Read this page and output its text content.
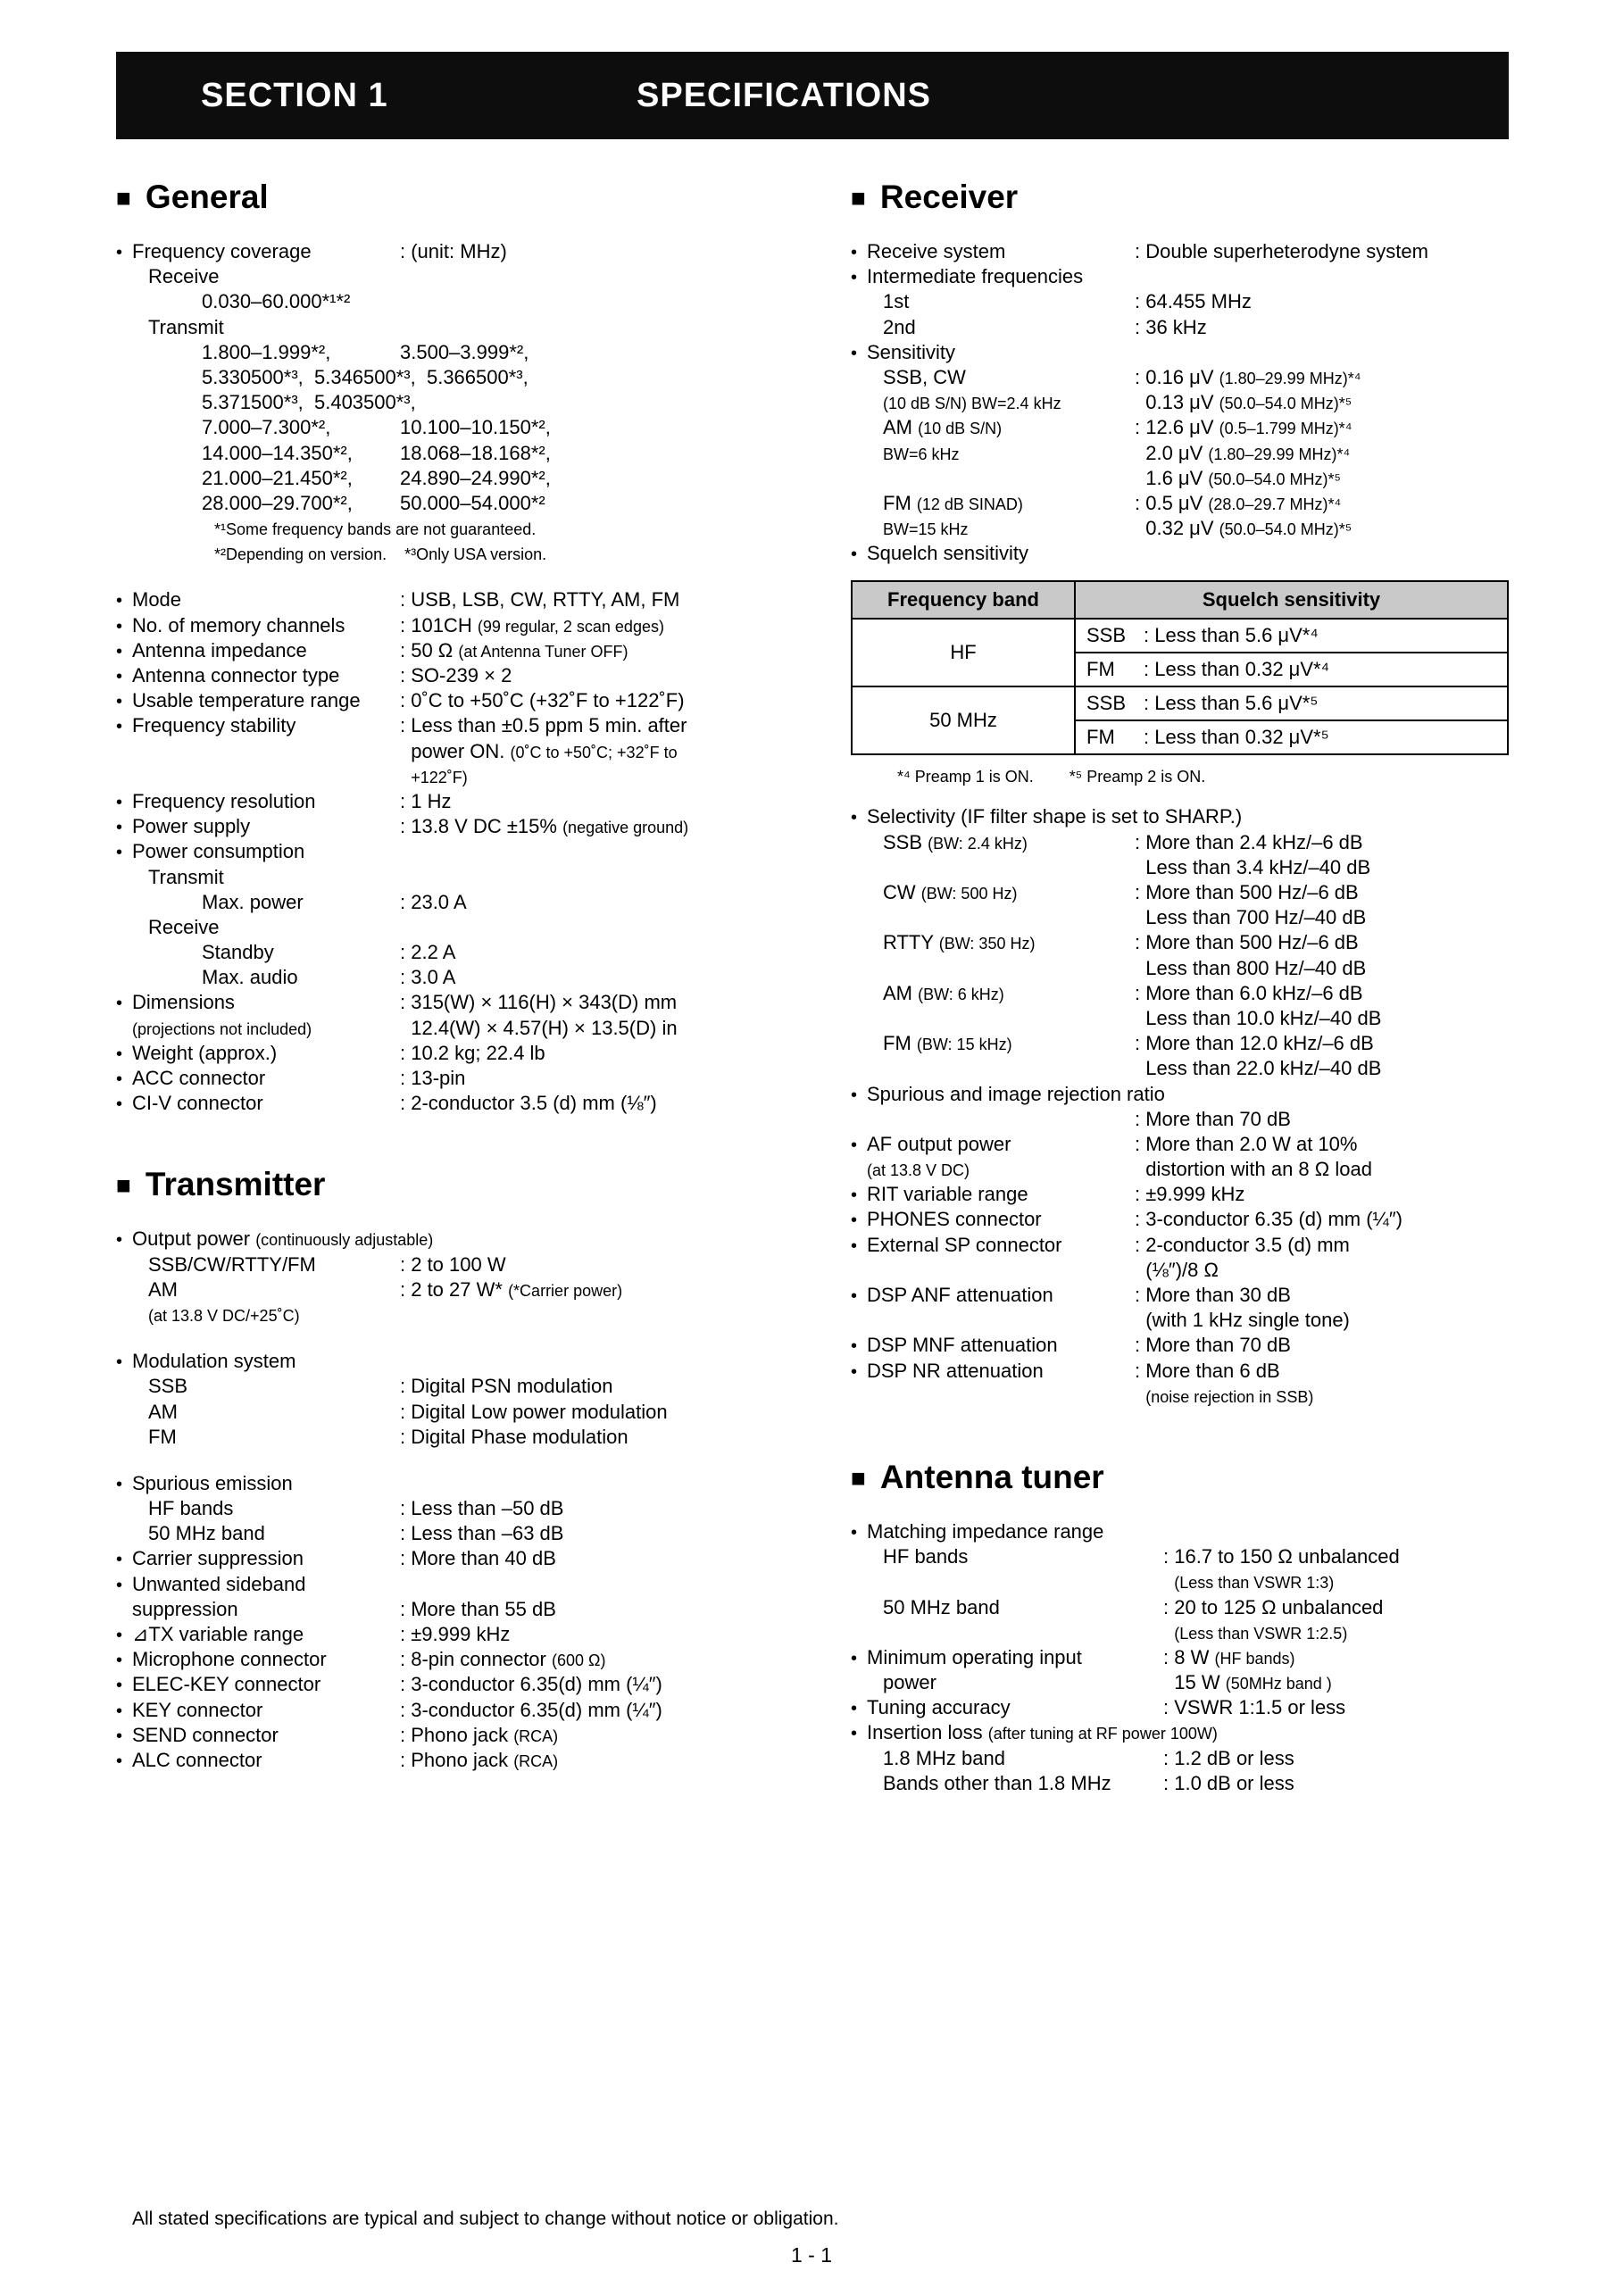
SECTION 1	SPECIFICATIONS
■ General
• Frequency coverage	: (unit: MHz)

Receive

0.030–60.000*¹*²

Transmit

1.800–1.999*²,	3.500–3.999*²,

5.330500*³,  5.346500*³,  5.366500*³,

5.371500*³,  5.403500*³,

7.000–7.300*²,	10.100–10.150*²,

14.000–14.350*²,	18.068–18.168*²,

21.000–21.450*²,	24.890–24.990*²,

28.000–29.700*²,	50.000–54.000*²

*¹Some frequency bands are not guaranteed.

*²Depending on version.    *³Only USA version.
• Mode	: USB, LSB, CW, RTTY, AM, FM
• No. of memory channels	: 101CH (99 regular, 2 scan edges)
• Antenna impedance	: 50 Ω (at Antenna Tuner OFF)
• Antenna connector type	: SO-239 × 2
• Usable temperature range	: 0˚C to +50˚C (+32˚F to +122˚F)
• Frequency stability	: Less than ±0.5 ppm 5 min. after

power ON. (0˚C to +50˚C; +32˚F to

+122˚F)
• Frequency resolution	: 1 Hz
• Power supply	: 13.8 V DC ±15% (negative ground)
• Power consumption

Transmit

Max. power	: 23.0 A

Receive

Standby	: 2.2 A

Max. audio	: 3.0 A
• Dimensions	: 315(W) × 116(H) × 343(D) mm

(projections not included)	12.4(W) × 4.57(H) × 13.5(D) in
• Weight (approx.)	: 10.2 kg; 22.4 lb
• ACC connector	: 13-pin
• CI-V connector	: 2-conductor 3.5 (d) mm (⅛″)
■ Transmitter
• Output power (continuously adjustable)

SSB/CW/RTTY/FM	: 2 to 100 W

AM	: 2 to 27 W* (*Carrier power)

(at 13.8 V DC/+25˚C)
• Modulation system

SSB	: Digital PSN modulation

AM	: Digital Low power modulation

FM	: Digital Phase modulation
• Spurious emission

HF bands	: Less than –50 dB

50 MHz band	: Less than –63 dB
• Carrier suppression	: More than 40 dB
• Unwanted sideband

suppression	: More than 55 dB
• ⊿TX variable range	: ±9.999 kHz
• Microphone connector	: 8-pin connector (600 Ω)
• ELEC-KEY connector	: 3-conductor 6.35(d) mm (¼″)
• KEY connector	: 3-conductor 6.35(d) mm (¼″)
• SEND connector	: Phono jack (RCA)
• ALC connector	: Phono jack (RCA)
■ Receiver
• Receive system	: Double superheterodyne system
• Intermediate frequencies

1st	: 64.455 MHz

2nd	: 36 kHz
• Sensitivity

SSB, CW	: 0.16 μV (1.80–29.99 MHz)*⁴

(10 dB S/N) BW=2.4 kHz	0.13 μV (50.0–54.0 MHz)*⁵

AM (10 dB S/N)	: 12.6 μV (0.5–1.799 MHz)*⁴

BW=6 kHz	2.0 μV (1.80–29.99 MHz)*⁴

1.6 μV (50.0–54.0 MHz)*⁵

FM (12 dB SINAD)	: 0.5 μV (28.0–29.7 MHz)*⁴

BW=15 kHz	0.32 μV (50.0–54.0 MHz)*⁵
• Squelch sensitivity
Frequency band	Squelch sensitivity
HF	SSB : Less than 5.6 μV*⁴
	FM : Less than 0.32 μV*⁴
50 MHz	SSB : Less than 5.6 μV*⁵
	FM : Less than 0.32 μV*⁵
*⁴ Preamp 1 is ON.        *⁵ Preamp 2 is ON.
• Selectivity (IF filter shape is set to SHARP.)

SSB (BW: 2.4 kHz)	: More than 2.4 kHz/–6 dB

Less than 3.4 kHz/–40 dB

CW (BW: 500 Hz)	: More than 500 Hz/–6 dB

Less than 700 Hz/–40 dB

RTTY (BW: 350 Hz)	: More than 500 Hz/–6 dB

Less than 800 Hz/–40 dB

AM (BW: 6 kHz)	: More than 6.0 kHz/–6 dB

Less than 10.0 kHz/–40 dB

FM (BW: 15 kHz)	: More than 12.0 kHz/–6 dB

Less than 22.0 kHz/–40 dB
• Spurious and image rejection ratio

: More than 70 dB
• AF output power	: More than 2.0 W at 10%

(at 13.8 V DC)	distortion with an 8 Ω load
• RIT variable range	: ±9.999 kHz
• PHONES connector	: 3-conductor 6.35 (d) mm (¼″)
• External SP connector	: 2-conductor 3.5 (d) mm

(⅛″)/8 Ω
• DSP ANF attenuation	: More than 30 dB

(with 1 kHz single tone)
• DSP MNF attenuation	: More than 70 dB
• DSP NR attenuation	: More than 6 dB

(noise rejection in SSB)
■ Antenna tuner
• Matching impedance range

HF bands	: 16.7 to 150 Ω unbalanced

(Less than VSWR 1:3)

50 MHz band	: 20 to 125 Ω unbalanced

(Less than VSWR 1:2.5)
• Minimum operating input	: 8 W (HF bands)

power	15 W (50MHz band )
• Tuning accuracy	: VSWR 1:1.5 or less
• Insertion loss (after tuning at RF power 100W)

1.8 MHz band	: 1.2 dB or less

Bands other than 1.8 MHz	: 1.0 dB or less
All stated specifications are typical and subject to change without notice or obligation.
1 - 1
